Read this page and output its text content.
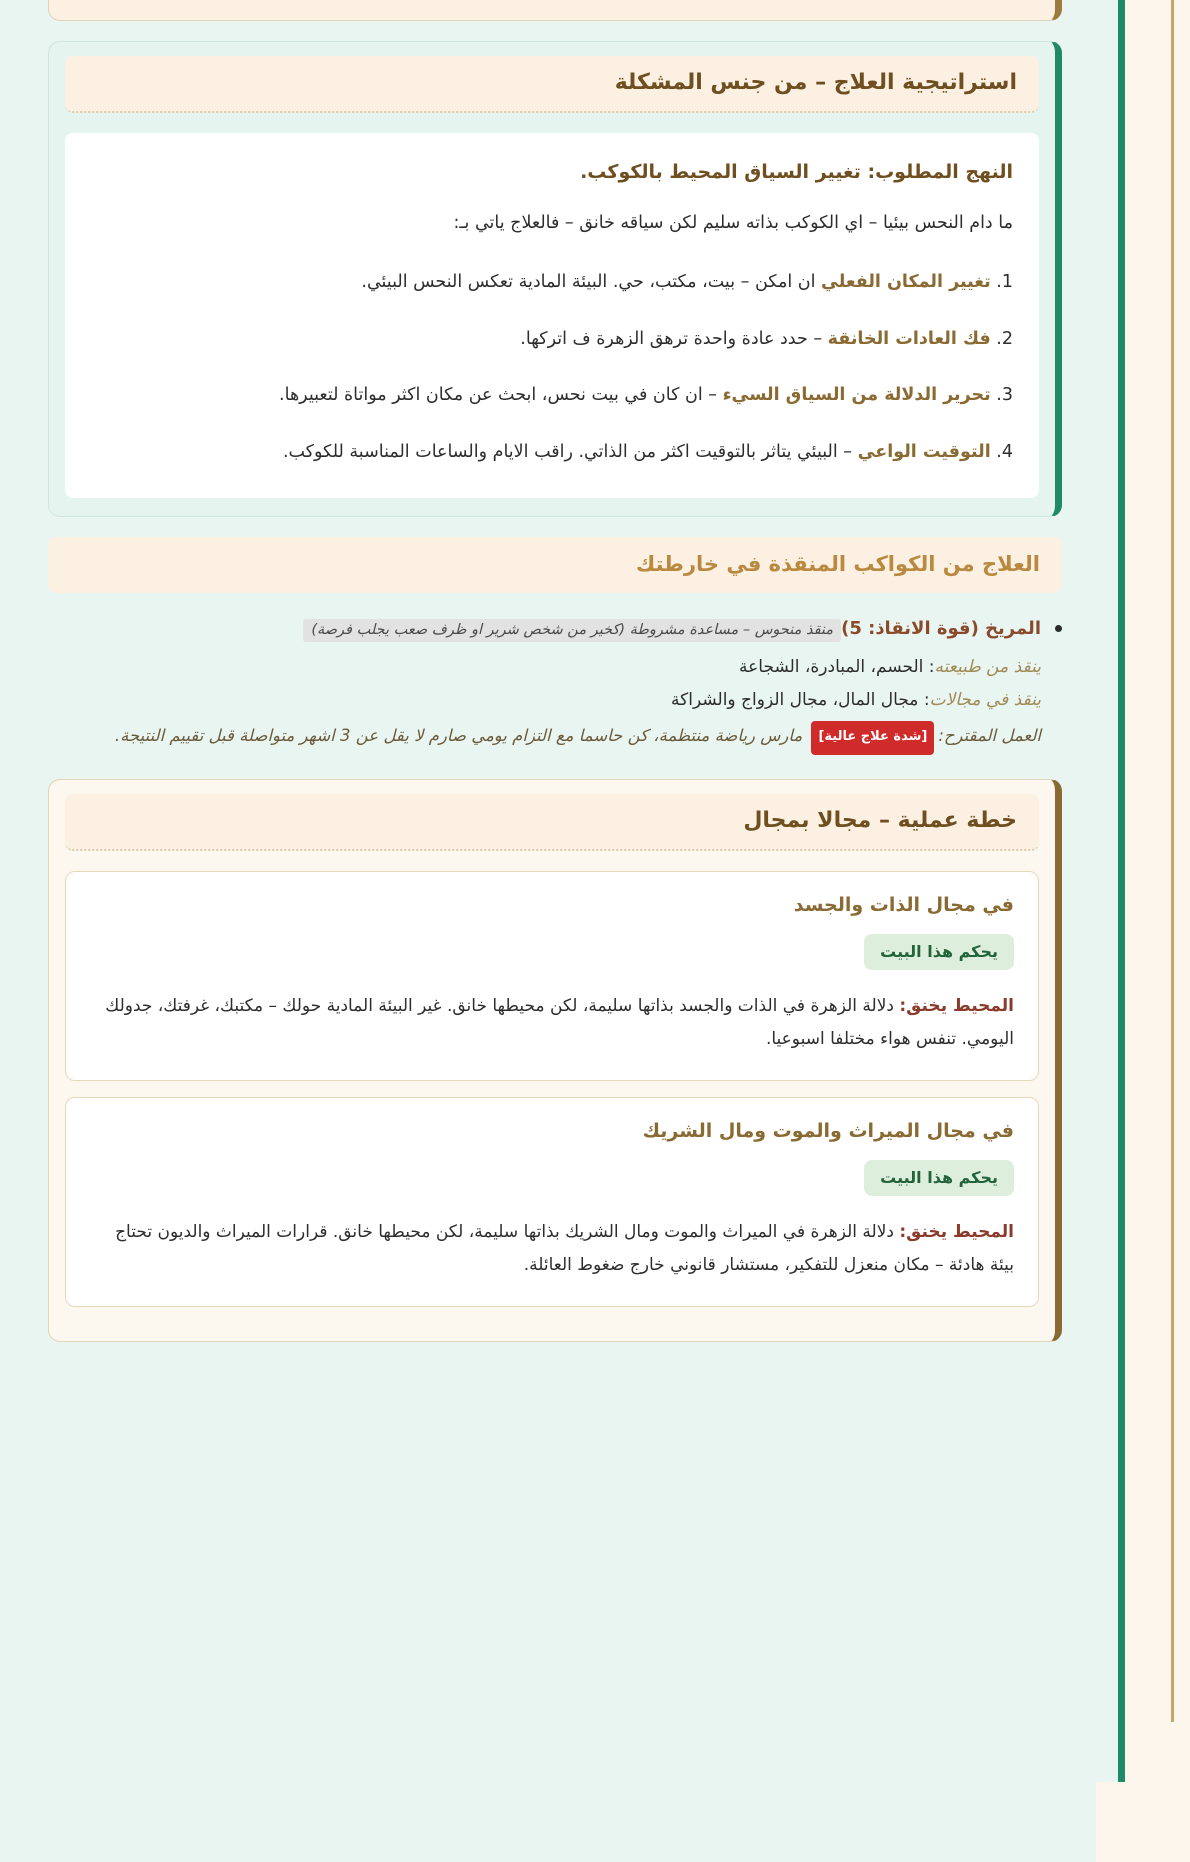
استراتيجية العلاج – من جنس المشكلة

النهج المطلوب: تغيير السياق المحيط بالكوكب.

ما دام النحس بيئيا – اي الكوكب بذاته سليم لكن سياقه خانق – فالعلاج ياتي بـ:

1. تغيير المكان الفعلي ان امكن – بيت، مكتب، حي. البيئة المادية تعكس النحس البيئي.
2. فك العادات الخانقة – حدد عادة واحدة ترهق الزهرة ف اتركها.
3. تحرير الدلالة من السياق السيء – ان كان في بيت نحس، ابحث عن مكان اكثر مواتاة لتعبيرها.
4. التوقيت الواعي – البيئي يتاثر بالتوقيت اكثر من الذاتي. راقب الايام والساعات المناسبة للكوكب.
العلاج من الكواكب المنقذة في خارطتك
المريخ (قوة الانقاذ: 5)منقذ منحوس – مساعدة مشروطة (كخير من شخص شرير او ظرف صعب يجلب فرصة)
ينقذ من طبيعته: الحسم، المبادرة، الشجاعة
ينقذ في مجالات: مجال المال، مجال الزواج والشراكة
العمل المقترح:[شدة علاج عالية] مارس رياضة منتظمة، كن حاسما مع التزام يومي صارم لا يقل عن 3 اشهر متواصلة قبل تقييم النتيجة.
خطة عملية – مجالا بمجال
في مجال الذات والجسد
يحكم هذا البيت
المحيط يخنق: دلالة الزهرة في الذات والجسد بذاتها سليمة، لكن محيطها خانق. غير البيئة المادية حولك – مكتبك، غرفتك، جدولك اليومي. تنفس هواء مختلفا اسبوعيا.
في مجال الميراث والموت ومال الشريك
يحكم هذا البيت
المحيط يخنق: دلالة الزهرة في الميراث والموت ومال الشريك بذاتها سليمة، لكن محيطها خانق. قرارات الميراث والديون تحتاج بيئة هادئة – مكان منعزل للتفكير، مستشار قانوني خارج ضغوط العائلة.
